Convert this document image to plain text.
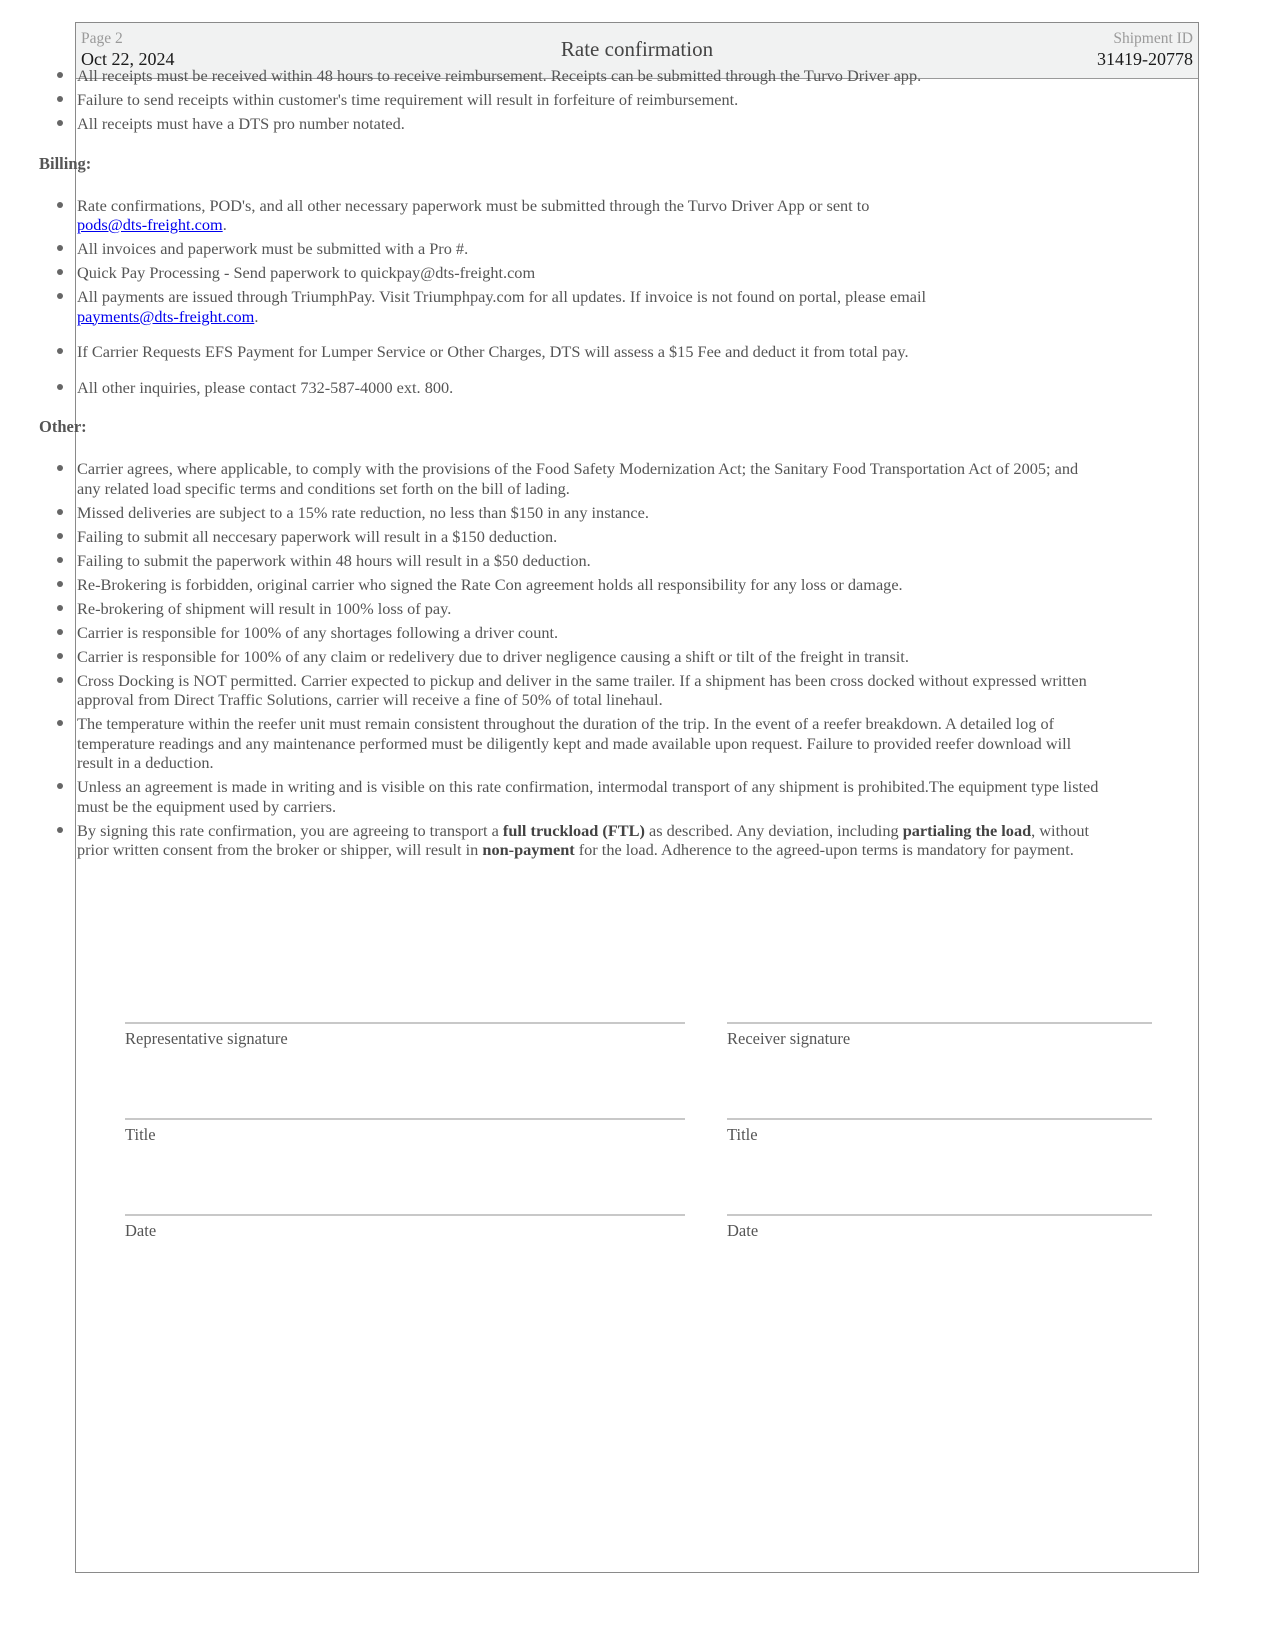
Page 2
Oct 22, 2024	Rate confirmation	Shipment ID
31419-20778
All receipts must be received within 48 hours to receive reimbursement. Receipts can be submitted through the Turvo Driver app.
Failure to send receipts within customer's time requirement will result in forfeiture of reimbursement.
All receipts must have a DTS pro number notated.
Billing:
Rate confirmations, POD's, and all other necessary paperwork must be submitted through the Turvo Driver App or sent to
pods@dts-freight.com.
All invoices and paperwork must be submitted with a Pro #.
Quick Pay Processing - Send paperwork to quickpay@dts-freight.com
All payments are issued through TriumphPay. Visit Triumphpay.com for all updates. If invoice is not found on portal, please email
payments@dts-freight.com.
If Carrier Requests EFS Payment for Lumper Service or Other Charges, DTS will assess a $15 Fee and deduct it from total pay.
All other inquiries, please contact 732-587-4000 ext. 800.
Other:
Carrier agrees, where applicable, to comply with the provisions of the Food Safety Modernization Act; the Sanitary Food Transportation Act of 2005; and any related load specific terms and conditions set forth on the bill of lading.
Missed deliveries are subject to a 15% rate reduction, no less than $150 in any instance.
Failing to submit all neccesary paperwork will result in a $150 deduction.
Failing to submit the paperwork within 48 hours will result in a $50 deduction.
Re-Brokering is forbidden, original carrier who signed the Rate Con agreement holds all responsibility for any loss or damage.
Re-brokering of shipment will result in 100% loss of pay.
Carrier is responsible for 100% of any shortages following a driver count.
Carrier is responsible for 100% of any claim or redelivery due to driver negligence causing a shift or tilt of the freight in transit.
Cross Docking is NOT permitted. Carrier expected to pickup and deliver in the same trailer. If a shipment has been cross docked without expressed written approval from Direct Traffic Solutions, carrier will receive a fine of 50% of total linehaul.
The temperature within the reefer unit must remain consistent throughout the duration of the trip. In the event of a reefer breakdown. A detailed log of temperature readings and any maintenance performed must be diligently kept and made available upon request. Failure to provided reefer download will result in a deduction.
Unless an agreement is made in writing and is visible on this rate confirmation, intermodal transport of any shipment is prohibited.The equipment type listed must be the equipment used by carriers.
By signing this rate confirmation, you are agreeing to transport a full truckload (FTL) as described. Any deviation, including partialing the load, without prior written consent from the broker or shipper, will result in non-payment for the load. Adherence to the agreed-upon terms is mandatory for payment.
Representative signature	Receiver signature
Title	Title
Date	Date
